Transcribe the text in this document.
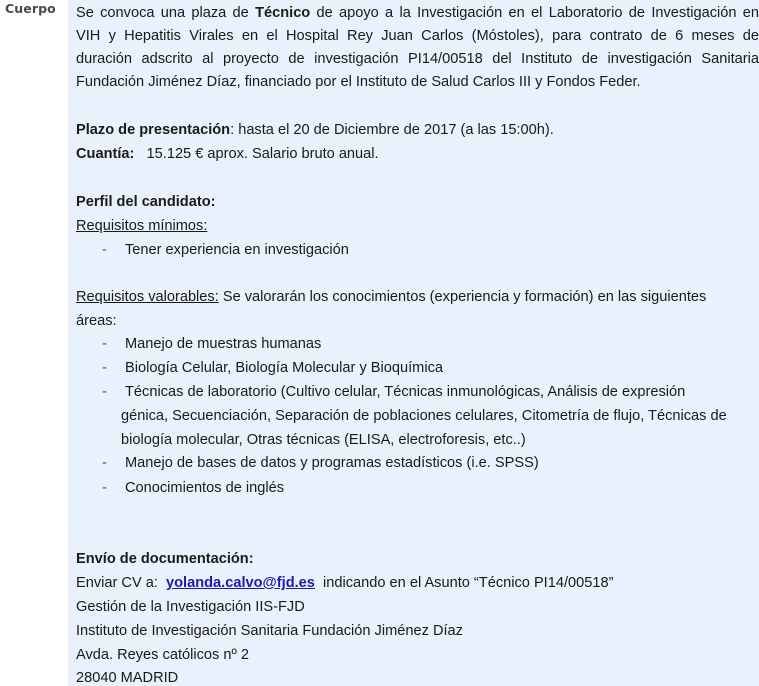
Cuerpo Se convoca una plaza de Técnico de apoyo a la Investigación en el Laboratorio de Investigación en
VIH y Hepatitis Virales en el Hospital Rey Juan Carlos (Móstoles), para contrato de 6 meses de
duración adscrito al proyecto de investigación PI14/00518 del Instituto de investigación Sanitaria
Fundación Jiménez Díaz, financiado por el Instituto de Salud Carlos III y Fondos Feder.
Plazo de presentación: hasta el 20 de Diciembre de 2017 (a las 15:00h).
Cuantía:   15.125 € aprox. Salario bruto anual.
Perfil del candidato:
Requisitos mínimos:
- Tener experiencia en investigación
Requisitos valorables: Se valorarán los conocimientos (experiencia y formación) en las siguientes
áreas:
- Manejo de muestras humanas
- Biología Celular, Biología Molecular y Bioquímica
- Técnicas de laboratorio (Cultivo celular, Técnicas inmunológicas, Análisis de expresión
génica, Secuenciación, Separación de poblaciones celulares, Citometría de flujo, Técnicas de
biología molecular, Otras técnicas (ELISA, electroforesis, etc..)
- Manejo de bases de datos y programas estadísticos (i.e. SPSS)
- Conocimientos de inglés
Envío de documentación:
Enviar CV a:  yolanda.calvo@fjd.es  indicando en el Asunto “Técnico PI14/00518”
Gestión de la Investigación IIS-FJD
Instituto de Investigación Sanitaria Fundación Jiménez Díaz
Avda. Reyes católicos nº 2
28040 MADRID
